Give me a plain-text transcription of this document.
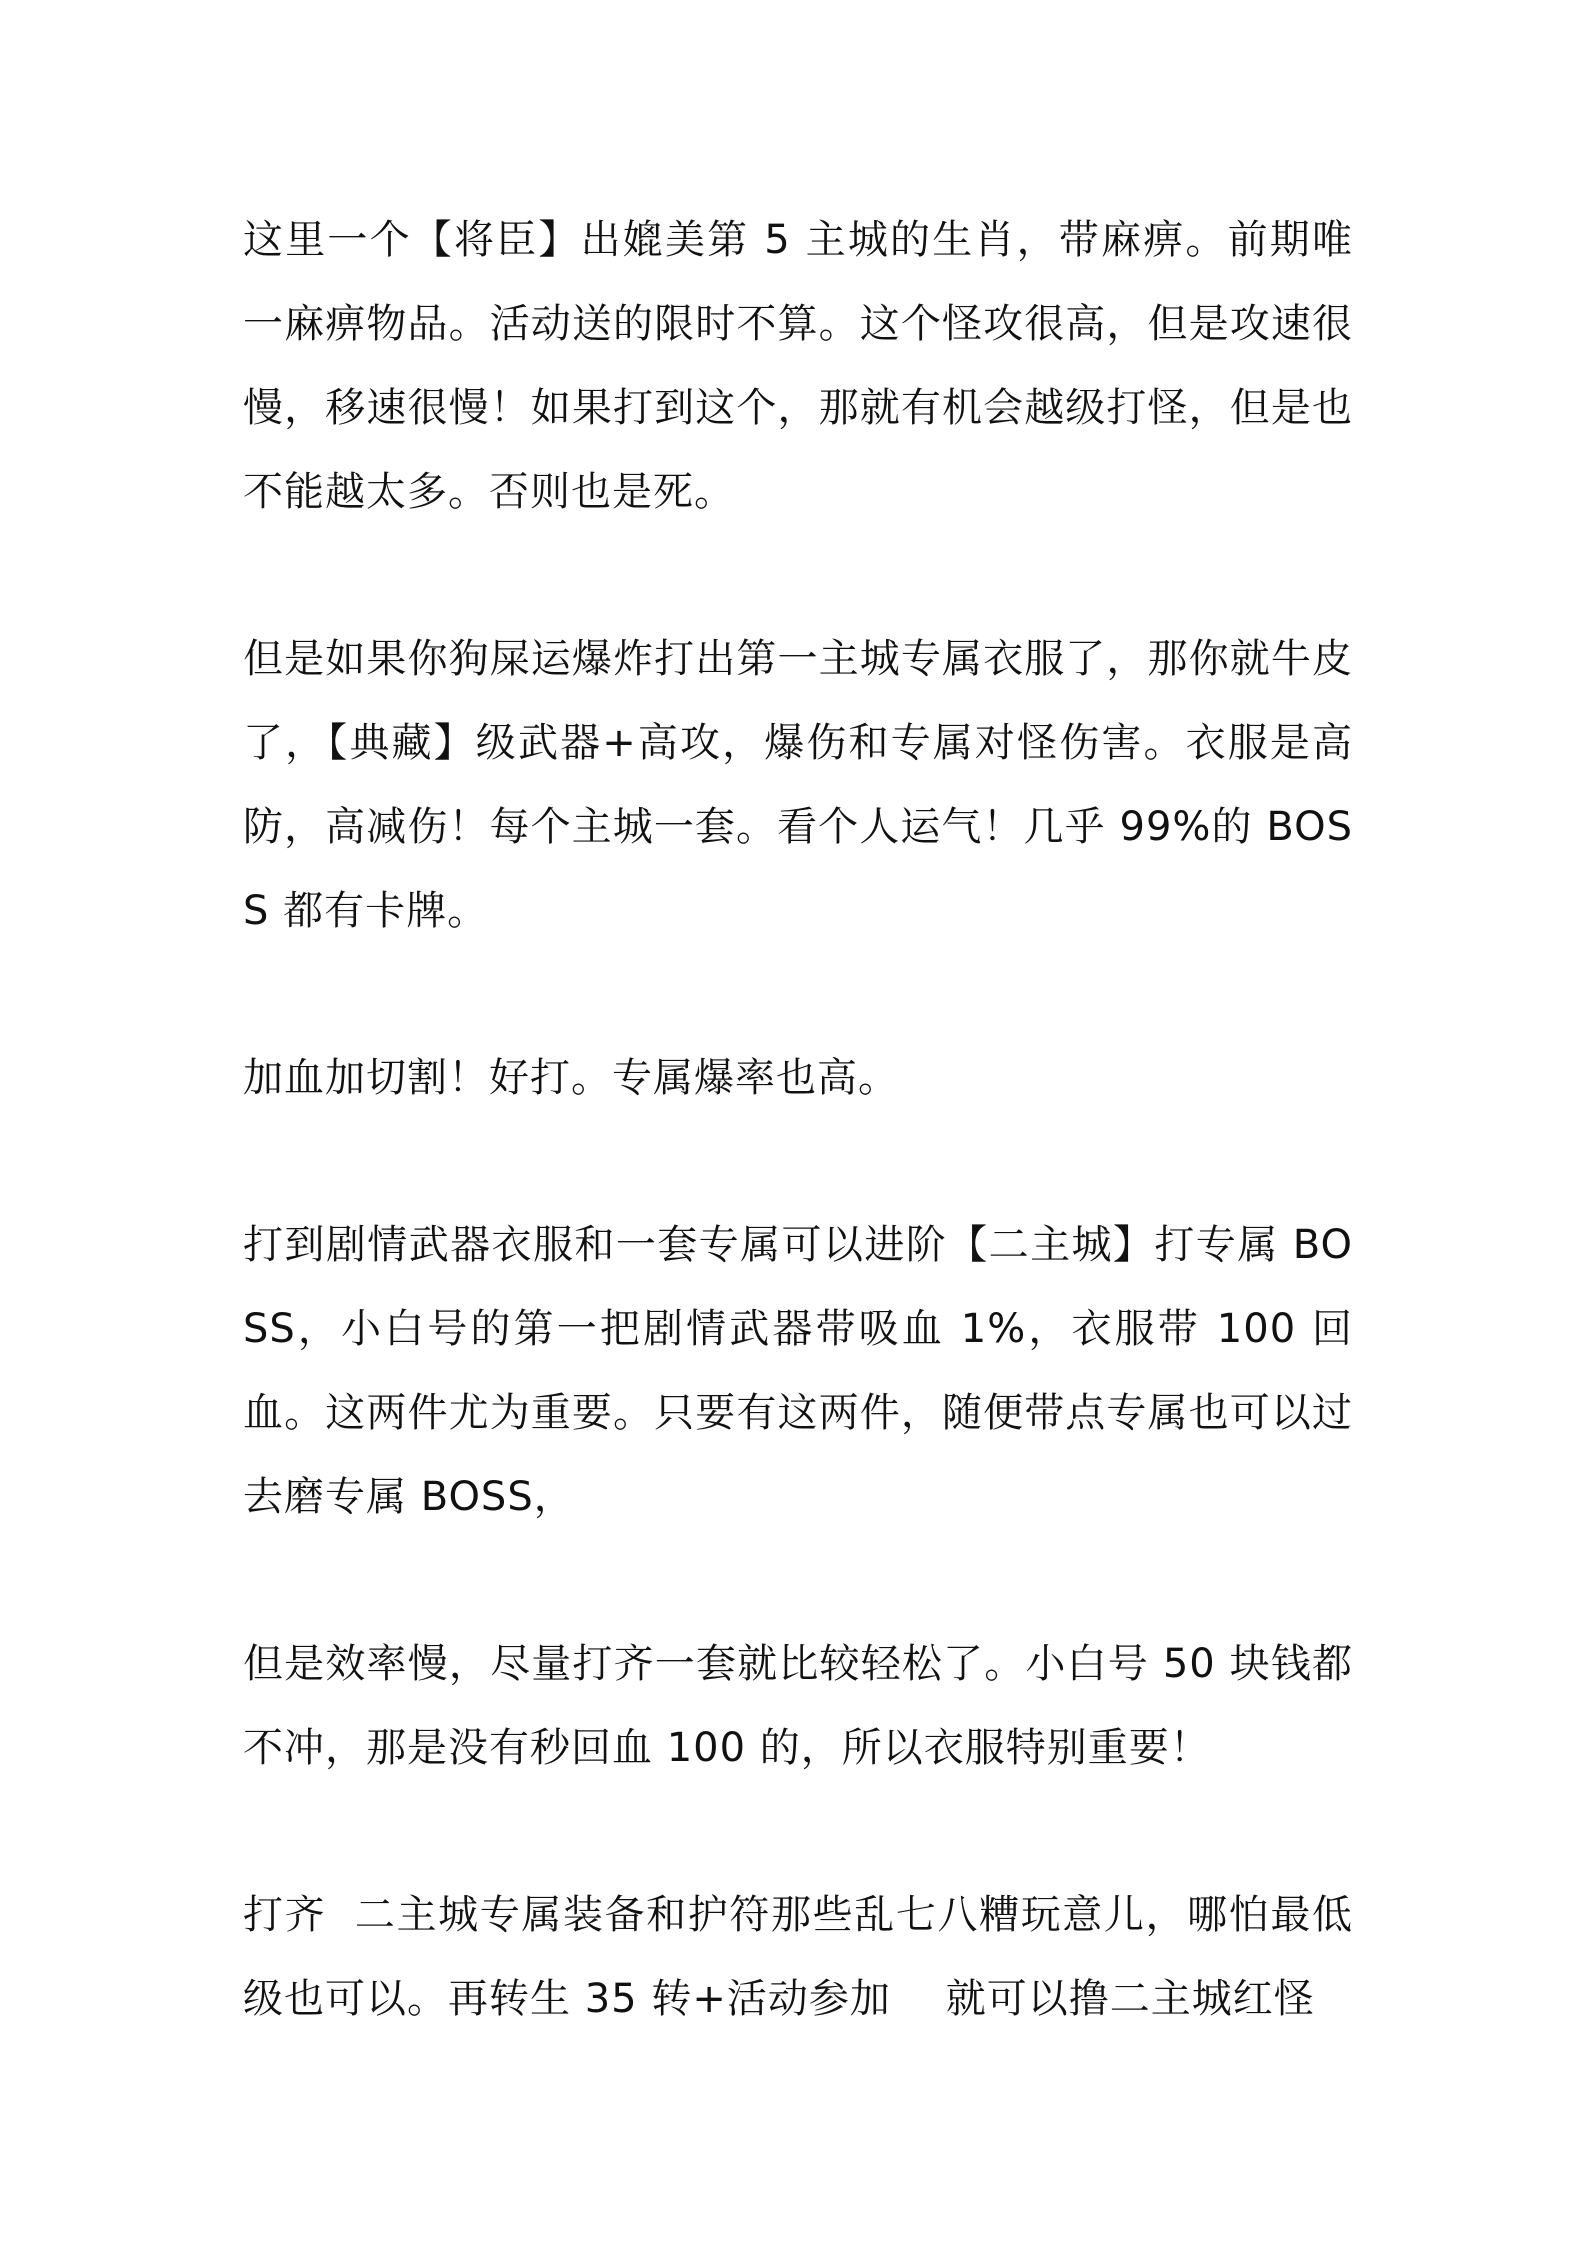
这里一个【将臣】出媲美第 5 主城的生肖，带麻痹。前期唯一麻痹物品。活动送的限时不算。这个怪攻很高，但是攻速很慢，移速很慢！如果打到这个，那就有机会越级打怪，但是也不能越太多。否则也是死。

但是如果你狗屎运爆炸打出第一主城专属衣服了，那你就牛皮了，【典藏】级武器+高攻，爆伤和专属对怪伤害。衣服是高防，高减伤！每个主城一套。看个人运气！几乎 99%的 BOSS 都有卡牌。

加血加切割！好打。专属爆率也高。

打到剧情武器衣服和一套专属可以进阶【二主城】打专属 BOSS，小白号的第一把剧情武器带吸血 1%，衣服带 100 回血。这两件尤为重要。只要有这两件，随便带点专属也可以过去磨专属 BOSS，

但是效率慢，尽量打齐一套就比较轻松了。小白号 50 块钱都不冲，那是没有秒回血 100 的，所以衣服特别重要！

打齐  二主城专属装备和护符那些乱七八糟玩意儿，哪怕最低级也可以。再转生 35 转+活动参加    就可以撸二主城红怪
